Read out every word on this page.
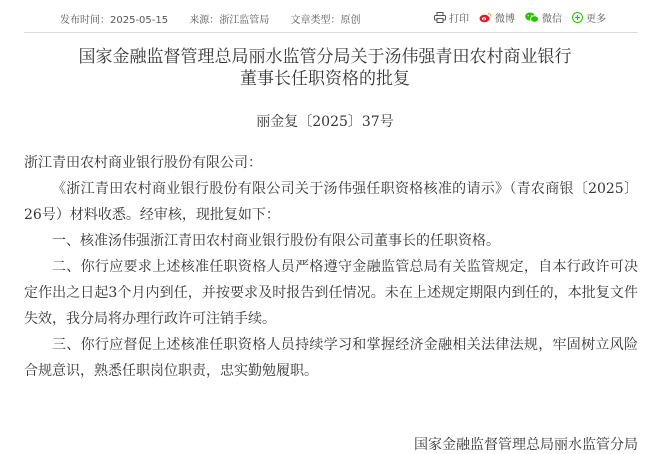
发布时间：2025-05-15 来源：浙江监管局 文章类型：原创	打印	微博	微信 更多
国家金融监督管理总局丽水监管分局关于汤伟强青田农村商业银行
董事长任职资格的批复
丽金复〔2025〕37号

浙江青田农村商业银行股份有限公司：

《浙江青田农村商业银行股份有限公司关于汤伟强任职资格核准的请示》（青农商银〔2025〕26号）材料收悉。经审核，现批复如下：

一、核准汤伟强浙江青田农村商业银行股份有限公司董事长的任职资格。

二、你行应要求上述核准任职资格人员严格遵守金融监管总局有关监管规定，自本行政许可决定作出之日起3个月内到任，并按要求及时报告到任情况。未在上述规定期限内到任的，本批复文件失效，我分局将办理行政许可注销手续。

三、你行应督促上述核准任职资格人员持续学习和掌握经济金融相关法律法规，牢固树立风险合规意识，熟悉任职岗位职责，忠实勤勉履职。

国家金融监督管理总局丽水监管分局
